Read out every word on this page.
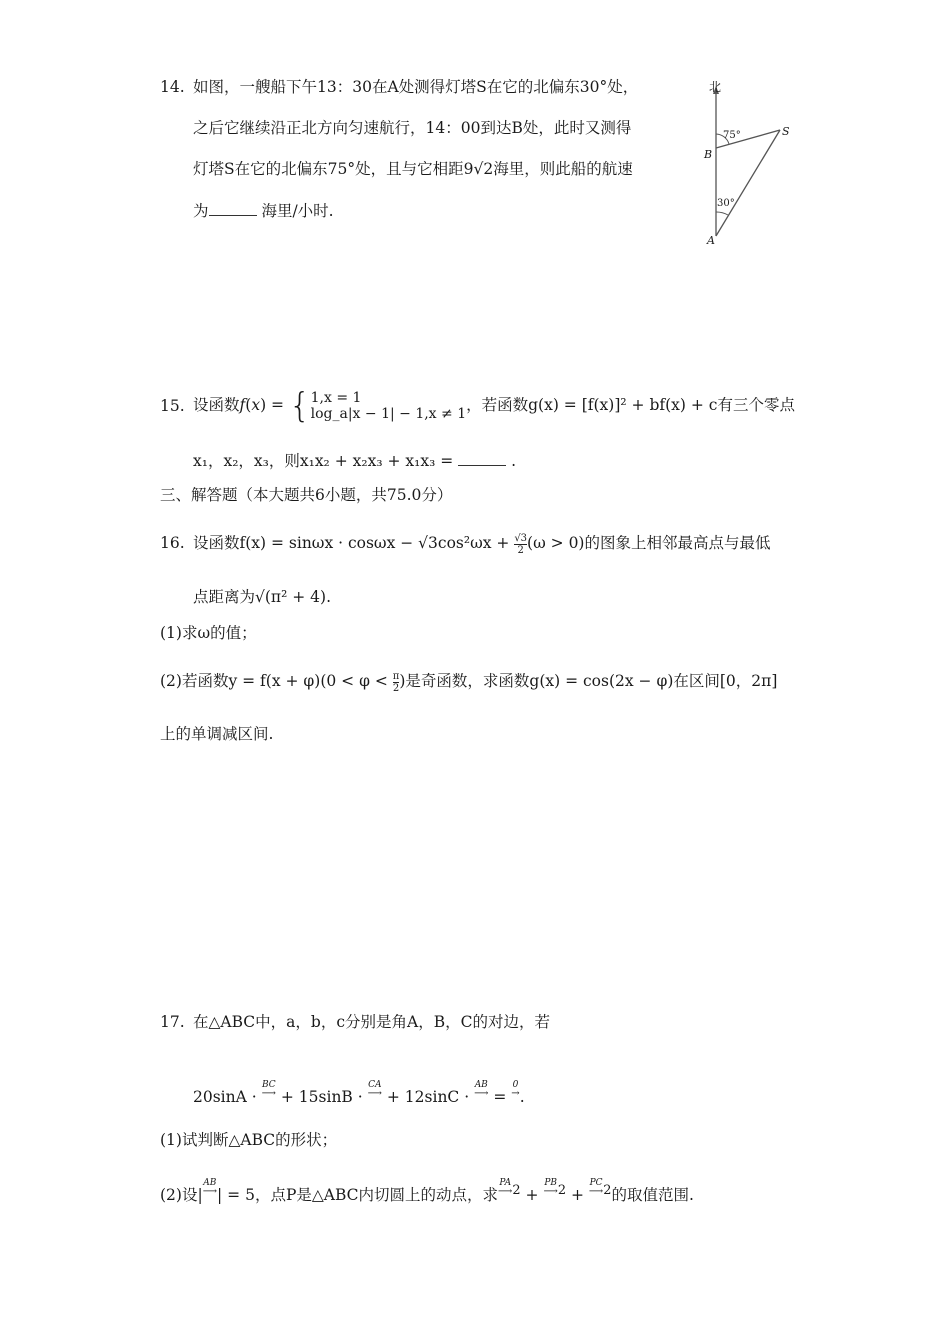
14. 如图，一艘船下午13：30在A处测得灯塔S在它的北偏东30°处，
之后它继续沿正北方向匀速航行，14：00到达B处，此时又测得
灯塔S在它的北偏东75°处，且与它相距9√2海里，则此船的航速
为	海里/小时.
北
75°
30°
A
B
S
15. 设函数f(x) = { 1,x = 1
log_a|x − 1| − 1,x ≠ 1 ，若函数g(x) = [f(x)]² + bf(x) + c有三个零点
x₁，x₂，x₃，则x₁x₂ + x₂x₃ + x₁x₃ =	.
三、解答题（本大题共6小题，共75.0分）
16. 设函数$f(x) = \sin\omega x \cdot \cos\omega x - √3\cos^2\omega x + \frac{√3}{2} (\omega > 0)$的图象上相邻最高点与最低
点距离为√(π² + 4).
(1)求ω的值；
(2)若函数$y = f(x + \varphi)(0 < \varphi < \frac{\pi}{2}$ )是奇函数，求函数g(x) = cos(2x − φ)在区间[0，2π]
上的单调减区间.
17. 在△ABC中，a，b，c分别是角A，B，C的对边，若
20sinA ·
BC
⟶ + 15sinB ·
CA
⟶ + 12sinC ·
AB
⟶ =
0
→ .
(1)试判断△ABC的形状；
(2)设|
AB
⟶ | = 5，点P是△ABC内切圆上的动点，求
PA
⟶ $^2$ +
PB
⟶ $^2$ +
PC
⟶ $^2$的取值范围.
